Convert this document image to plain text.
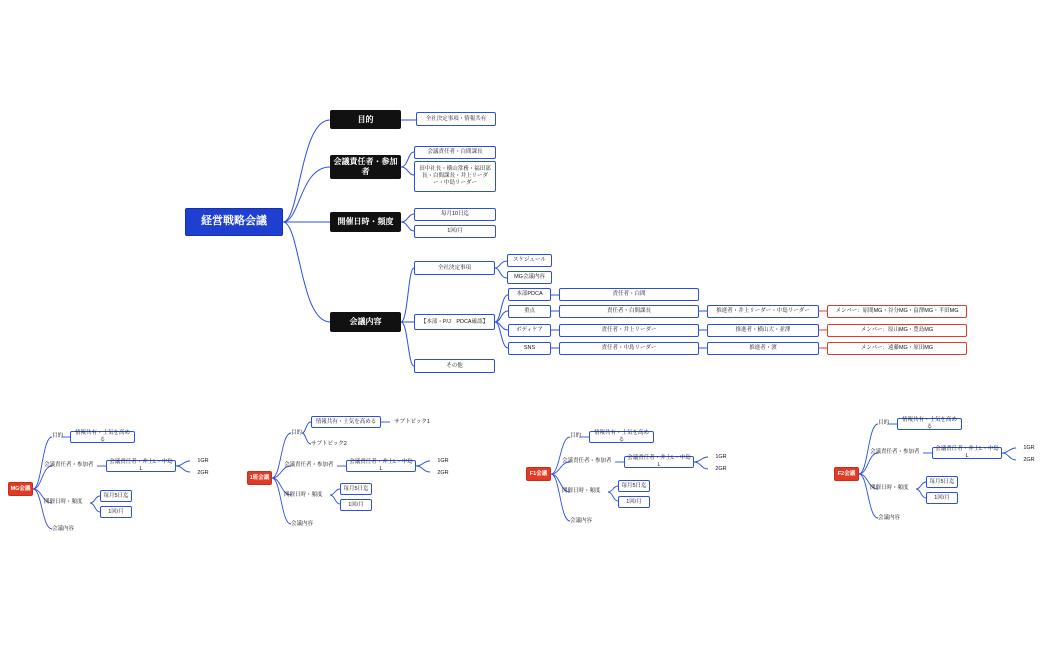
経営戦略会議
目的	全社決定事項・情報共有
会議責任者・参加者
会議責任者・白間課長
田中社長・横山常務・福田部長・白間課長・井上リーダー・中島リーダー
開催日時・頻度
毎月10日迄
1回/月
会議内容
全社決定事項
スケジュール
MG会議内容
【本部・P/J　PDCA確認】
本部PDCA	責任者・白間
重点	責任者・白間課長	推進者・井上リーダー・中島リーダー	メンバー：原間MG・谷分MG・畠澤MG・半田MG
ボディケア	責任者・井上リーダー	推進者・横山大・並澤	メンバー：原山MG・豊島MG
SNS	責任者・中島リーダー	推進者・渡	メンバー：遠藤MG・原田MG
その他
MG会議
目的	情報共有・士気を高める
会議責任者・参加者	会議責任者・井上L・中島L
1GR
2GR
開催日時・頻度
毎月5日迄
1回/月
会議内容
1班会議
目的
情報共有・士気を高める	サブトピック1
サブトピック2
会議責任者・参加者	会議責任者・井上L・中島L
1GR
2GR
開催日時・頻度
毎月5日迄
1回/月
会議内容
F1会議
目的	情報共有・士気を高める
会議責任者・参加者	会議責任者・井上L・中島L
1GR
2GR
開催日時・頻度
毎月5日迄
1回/月
会議内容
F2会議
目的	情報共有・士気を高める
会議責任者・参加者	会議責任者・井上L・中島L
1GR
2GR
開催日時・頻度
毎月5日迄
1回/月
会議内容
